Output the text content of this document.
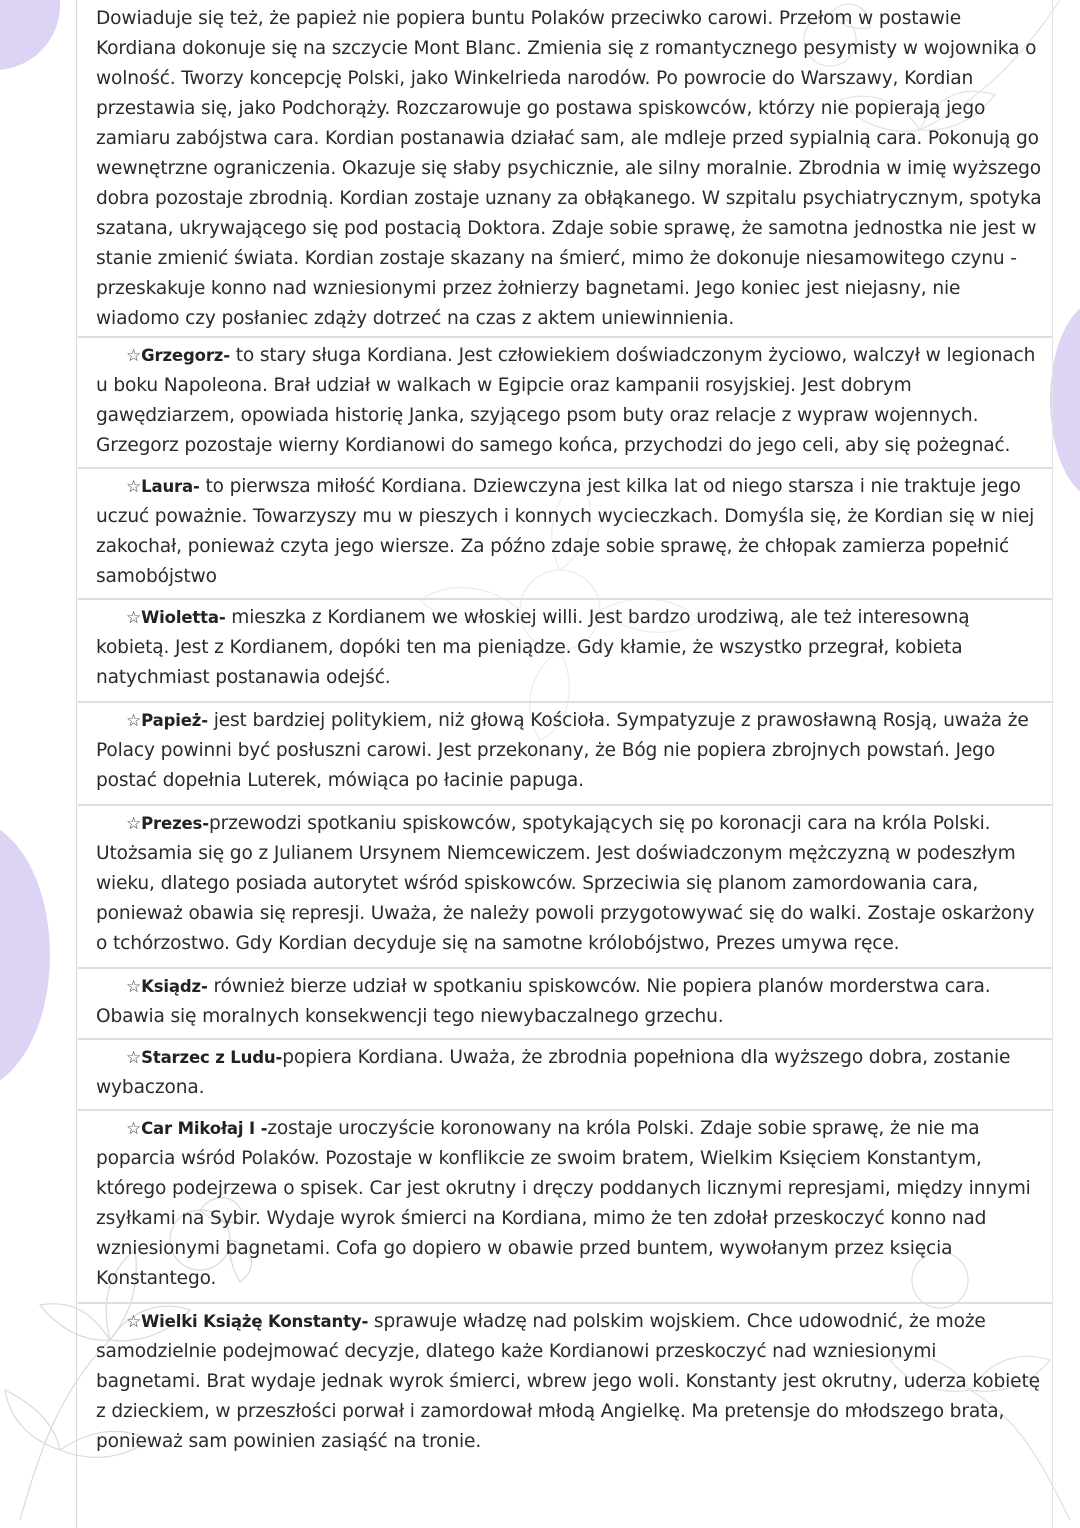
Dowiaduje się też, że papież nie popiera buntu Polaków przeciwko carowi. Przełom w postawie Kordiana dokonuje się na szczycie Mont Blanc. Zmienia się z romantycznego pesymisty w wojownika o wolność. Tworzy koncepcję Polski, jako Winkelrieda narodów. Po powrocie do Warszawy, Kordian przestawia się, jako Podchorąży. Rozczarowuje go postawa spiskowców, którzy nie popierają jego zamiaru zabójstwa cara. Kordian postanawia działać sam, ale mdleje przed sypialnią cara. Pokonują go wewnętrzne ograniczenia. Okazuje się słaby psychicznie, ale silny moralnie. Zbrodnia w imię wyższego dobra pozostaje zbrodnią. Kordian zostaje uznany za obłąkanego. W szpitalu psychiatrycznym, spotyka szatana, ukrywającego się pod postacią Doktora. Zdaje sobie sprawę, że samotna jednostka nie jest w stanie zmienić świata. Kordian zostaje skazany na śmierć, mimo że dokonuje niesamowitego czynu - przeskakuje konno nad wzniesionymi przez żołnierzy bagnetami. Jego koniec jest niejasny, nie wiadomo czy posłaniec zdąży dotrzeć na czas z aktem uniewinnienia.

☆Grzegorz- to stary sługa Kordiana. Jest człowiekiem doświadczonym życiowo, walczył w legionach u boku Napoleona. Brał udział w walkach w Egipcie oraz kampanii rosyjskiej. Jest dobrym gawędziarzem, opowiada historię Janka, szyjącego psom buty oraz relacje z wypraw wojennych. Grzegorz pozostaje wierny Kordianowi do samego końca, przychodzi do jego celi, aby się pożegnać.

☆Laura- to pierwsza miłość Kordiana. Dziewczyna jest kilka lat od niego starsza i nie traktuje jego uczuć poważnie. Towarzyszy mu w pieszych i konnych wycieczkach. Domyśla się, że Kordian się w niej zakochał, ponieważ czyta jego wiersze. Za późno zdaje sobie sprawę, że chłopak zamierza popełnić samobójstwo

☆Wioletta- mieszka z Kordianem we włoskiej willi. Jest bardzo urodziwą, ale też interesowną kobietą. Jest z Kordianem, dopóki ten ma pieniądze. Gdy kłamie, że wszystko przegrał, kobieta natychmiast postanawia odejść.

☆Papież- jest bardziej politykiem, niż głową Kościoła. Sympatyzuje z prawosławną Rosją, uważa że Polacy powinni być posłuszni carowi. Jest przekonany, że Bóg nie popiera zbrojnych powstań. Jego postać dopełnia Luterek, mówiąca po łacinie papuga.

☆Prezes-przewodzi spotkaniu spiskowców, spotykających się po koronacji cara na króla Polski. Utożsamia się go z Julianem Ursynem Niemcewiczem. Jest doświadczonym mężczyzną w podeszłym wieku, dlatego posiada autorytet wśród spiskowców. Sprzeciwia się planom zamordowania cara, ponieważ obawia się represji. Uważa, że należy powoli przygotowywać się do walki. Zostaje oskarżony o tchórzostwo. Gdy Kordian decyduje się na samotne królobójstwo, Prezes umywa ręce.

☆Ksiądz- również bierze udział w spotkaniu spiskowców. Nie popiera planów morderstwa cara. Obawia się moralnych konsekwencji tego niewybaczalnego grzechu.

☆Starzec z Ludu-popiera Kordiana. Uważa, że zbrodnia popełniona dla wyższego dobra, zostanie wybaczona.

☆Car Mikołaj I -zostaje uroczyście koronowany na króla Polski. Zdaje sobie sprawę, że nie ma poparcia wśród Polaków. Pozostaje w konflikcie ze swoim bratem, Wielkim Księciem Konstantym, którego podejrzewa o spisek. Car jest okrutny i dręczy poddanych licznymi represjami, między innymi zsyłkami na Sybir. Wydaje wyrok śmierci na Kordiana, mimo że ten zdołał przeskoczyć konno nad wzniesionymi bagnetami. Cofa go dopiero w obawie przed buntem, wywołanym przez księcia Konstantego.

☆Wielki Książę Konstanty- sprawuje władzę nad polskim wojskiem. Chce udowodnić, że może samodzielnie podejmować decyzje, dlatego każe Kordianowi przeskoczyć nad wzniesionymi bagnetami. Brat wydaje jednak wyrok śmierci, wbrew jego woli. Konstanty jest okrutny, uderza kobietę z dzieckiem, w przeszłości porwał i zamordował młodą Angielkę. Ma pretensje do młodszego brata, ponieważ sam powinien zasiąść na tronie.
